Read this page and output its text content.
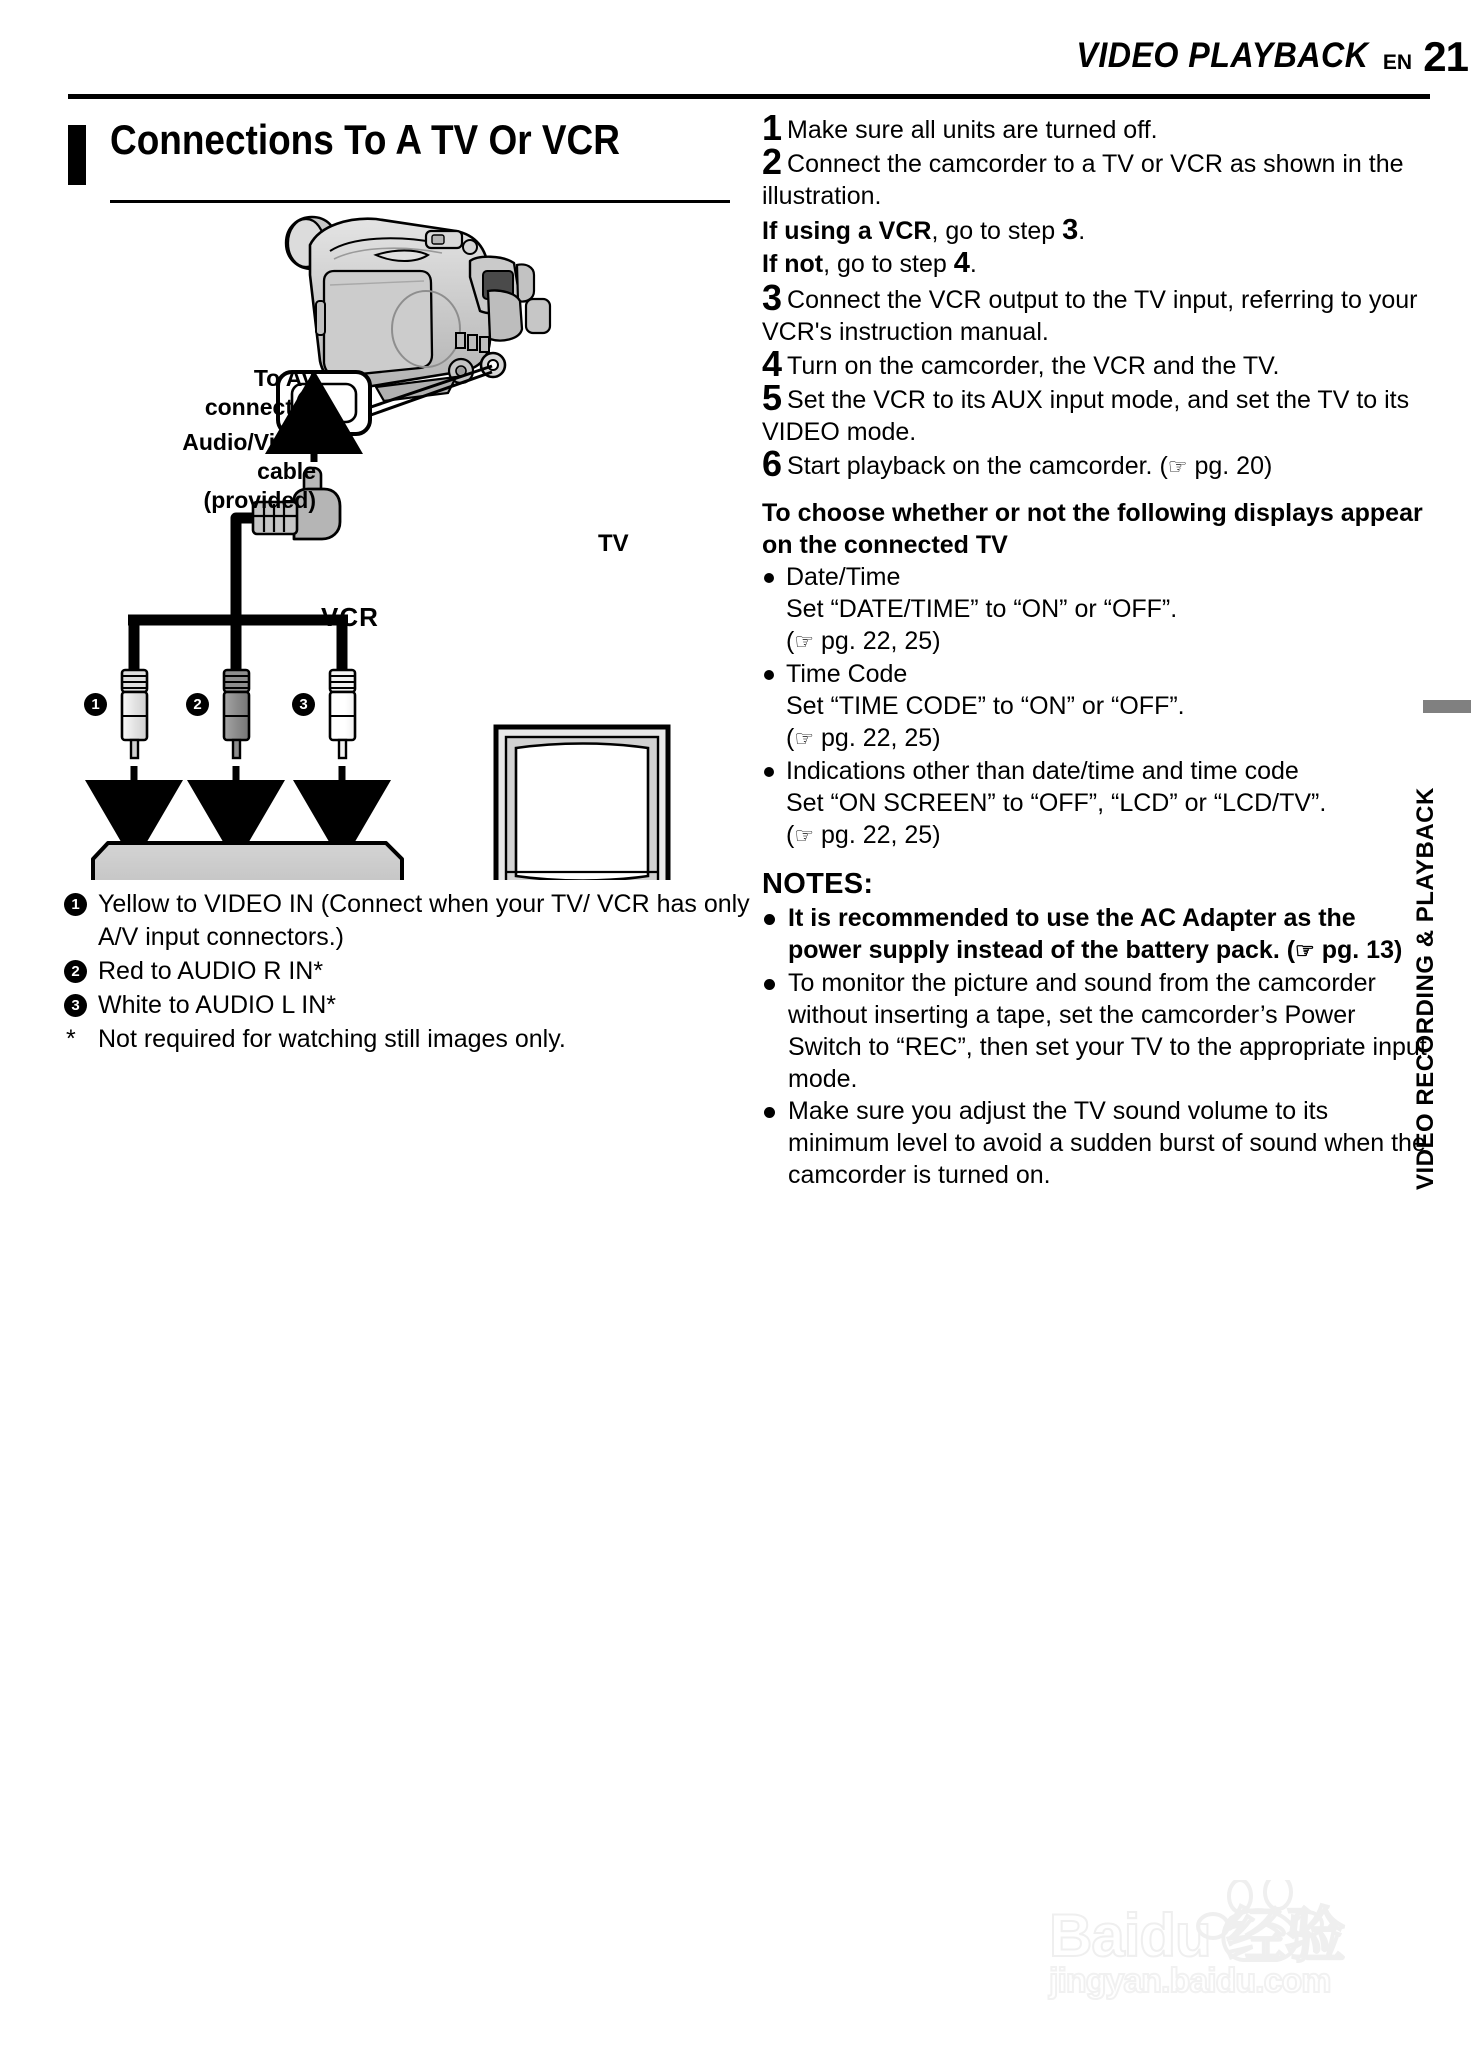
VIDEO PLAYBACK EN 21
VIDEO RECORDING & PLAYBACK
Connections To A TV Or VCR
To AV
connector
Audio/Video
cable
(provided)
TV
VCR
1	2	3
1 Yellow to VIDEO IN (Connect when your TV/ VCR has only A/V input connectors.)
2 Red to AUDIO R IN*
3 White to AUDIO L IN*
* Not required for watching still images only.
1 Make sure all units are turned off.
2 Connect the camcorder to a TV or VCR as shown in the illustration.
If using a VCR, go to step 3.
If not, go to step 4.
3 Connect the VCR output to the TV input, referring to your VCR's instruction manual.
4 Turn on the camcorder, the VCR and the TV.
5 Set the VCR to its AUX input mode, and set the TV to its VIDEO mode.
6 Start playback on the camcorder. (☞ pg. 20)
To choose whether or not the following displays appear on the connected TV
Date/Time
Set “DATE/TIME” to “ON” or “OFF”.
(☞ pg. 22, 25)
Time Code
Set “TIME CODE” to “ON” or “OFF”.
(☞ pg. 22, 25)
Indications other than date/time and time code
Set “ON SCREEN” to “OFF”, “LCD” or “LCD/TV”.
(☞ pg. 22, 25)
NOTES:
It is recommended to use the AC Adapter as the power supply instead of the battery pack. (☞ pg. 13)
To monitor the picture and sound from the camcorder without inserting a tape, set the camcorder’s Power Switch to “REC”, then set your TV to the appropriate input mode.
Make sure you adjust the TV sound volume to its minimum level to avoid a sudden burst of sound when the camcorder is turned on.
Baidu 经验
jingyan.baidu.com
